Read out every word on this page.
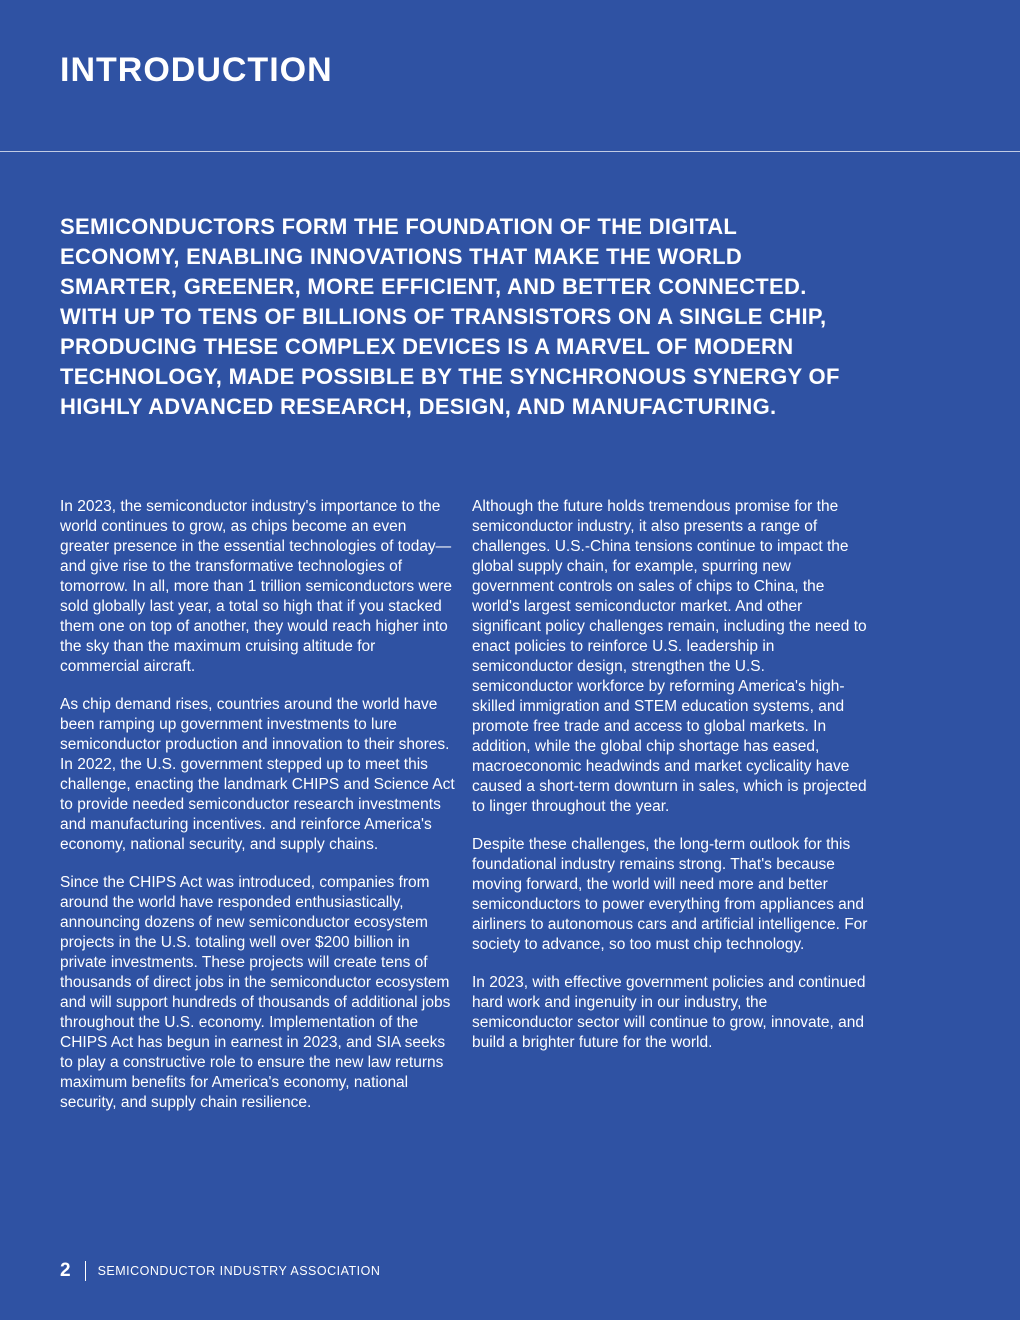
INTRODUCTION

SEMICONDUCTORS FORM THE FOUNDATION OF THE DIGITAL ECONOMY, ENABLING INNOVATIONS THAT MAKE THE WORLD SMARTER, GREENER, MORE EFFICIENT, AND BETTER CONNECTED. WITH UP TO TENS OF BILLIONS OF TRANSISTORS ON A SINGLE CHIP, PRODUCING THESE COMPLEX DEVICES IS A MARVEL OF MODERN TECHNOLOGY, MADE POSSIBLE BY THE SYNCHRONOUS SYNERGY OF HIGHLY ADVANCED RESEARCH, DESIGN, AND MANUFACTURING.

In 2023, the semiconductor industry's importance to the world continues to grow, as chips become an even greater presence in the essential technologies of today—and give rise to the transformative technologies of tomorrow. In all, more than 1 trillion semiconductors were sold globally last year, a total so high that if you stacked them one on top of another, they would reach higher into the sky than the maximum cruising altitude for commercial aircraft.

As chip demand rises, countries around the world have been ramping up government investments to lure semiconductor production and innovation to their shores. In 2022, the U.S. government stepped up to meet this challenge, enacting the landmark CHIPS and Science Act to provide needed semiconductor research investments and manufacturing incentives. and reinforce America's economy, national security, and supply chains.

Since the CHIPS Act was introduced, companies from around the world have responded enthusiastically, announcing dozens of new semiconductor ecosystem projects in the U.S. totaling well over $200 billion in private investments. These projects will create tens of thousands of direct jobs in the semiconductor ecosystem and will support hundreds of thousands of additional jobs throughout the U.S. economy. Implementation of the CHIPS Act has begun in earnest in 2023, and SIA seeks to play a constructive role to ensure the new law returns maximum benefits for America's economy, national security, and supply chain resilience.

Although the future holds tremendous promise for the semiconductor industry, it also presents a range of challenges. U.S.-China tensions continue to impact the global supply chain, for example, spurring new government controls on sales of chips to China, the world's largest semiconductor market. And other significant policy challenges remain, including the need to enact policies to reinforce U.S. leadership in semiconductor design, strengthen the U.S. semiconductor workforce by reforming America's high-skilled immigration and STEM education systems, and promote free trade and access to global markets. In addition, while the global chip shortage has eased, macroeconomic headwinds and market cyclicality have caused a short-term downturn in sales, which is projected to linger throughout the year.

Despite these challenges, the long-term outlook for this foundational industry remains strong. That's because moving forward, the world will need more and better semiconductors to power everything from appliances and airliners to autonomous cars and artificial intelligence. For society to advance, so too must chip technology.

In 2023, with effective government policies and continued hard work and ingenuity in our industry, the semiconductor sector will continue to grow, innovate, and build a brighter future for the world.

2 SEMICONDUCTOR INDUSTRY ASSOCIATION
